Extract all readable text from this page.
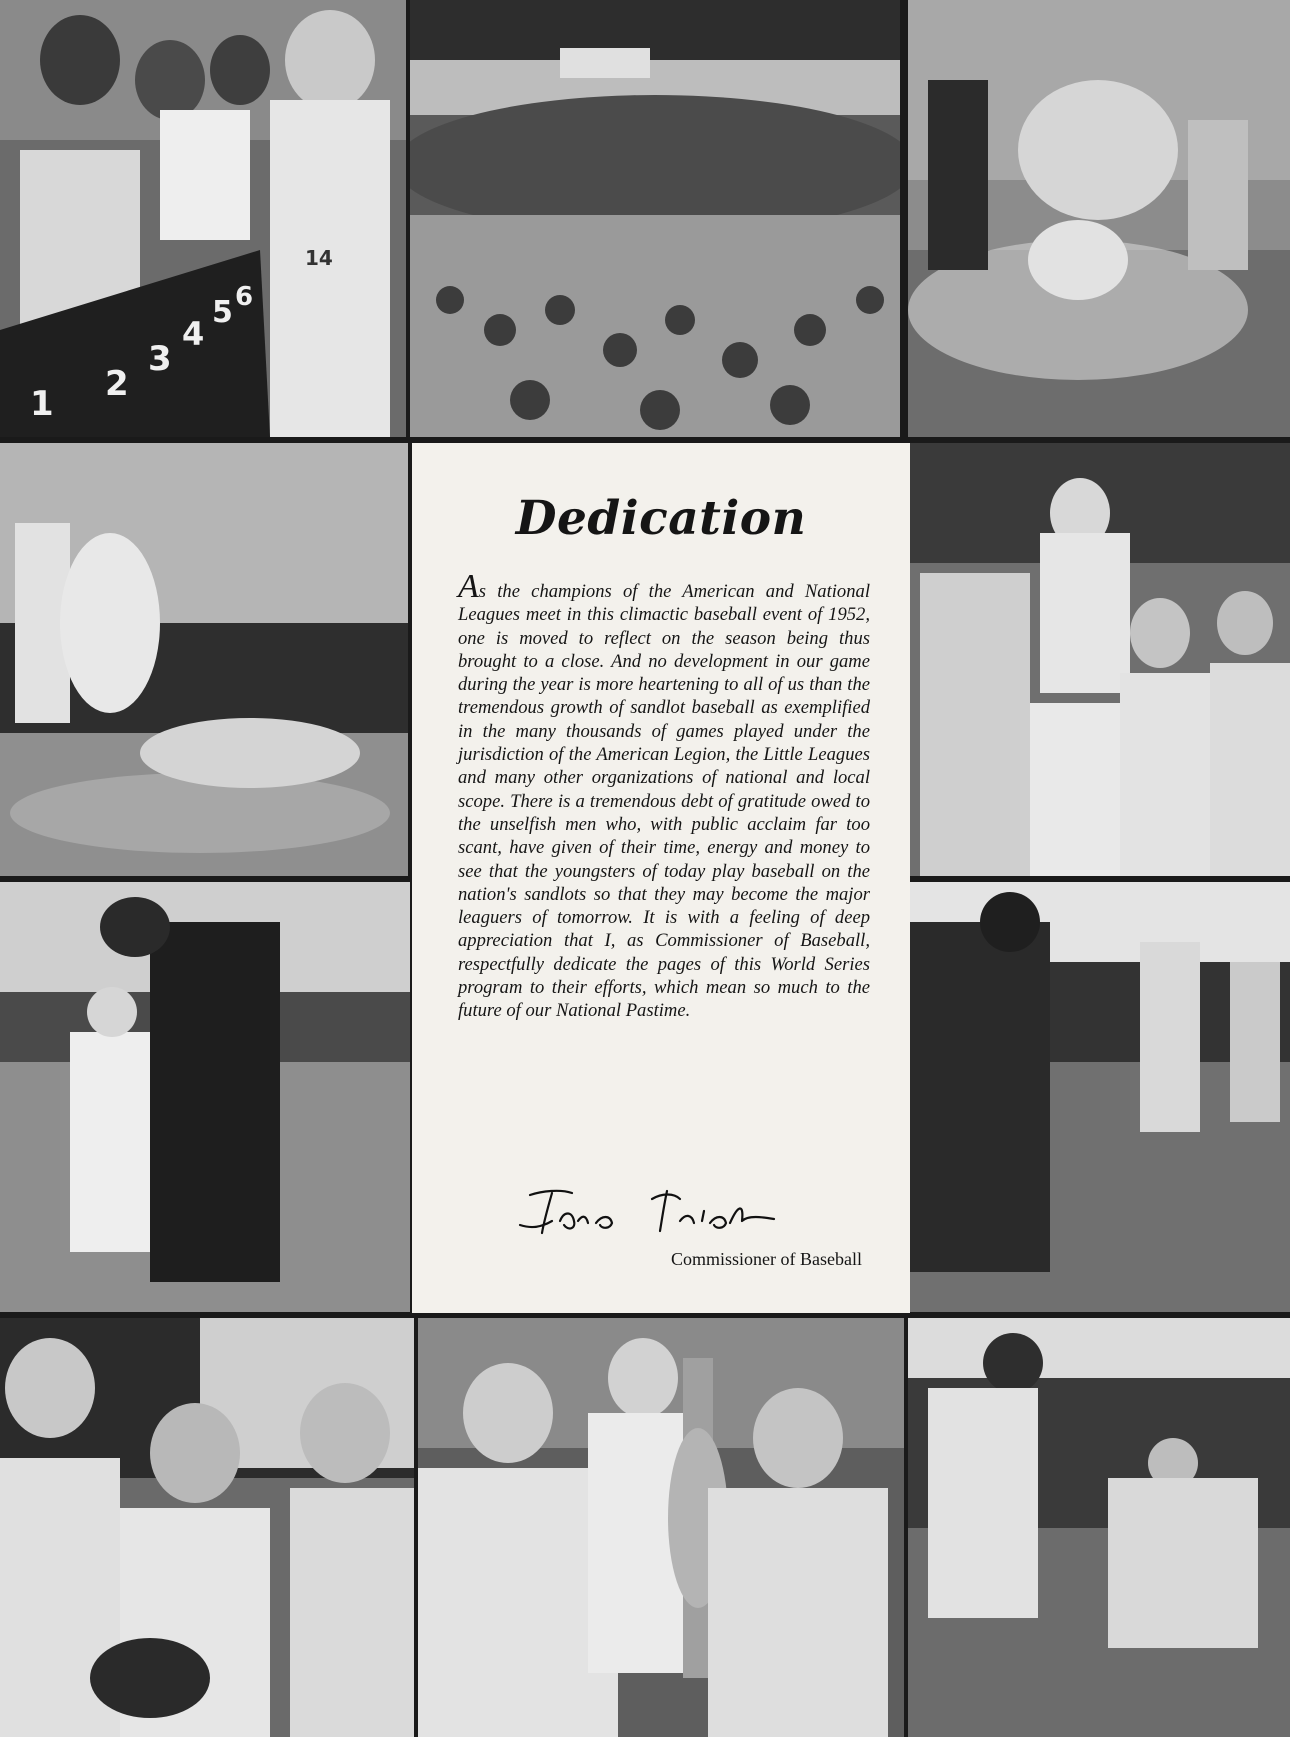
1 2
3
4
5 6
14
Dedication

As the champions of the American and National Leagues meet in this climactic baseball event of 1952, one is moved to reflect on the season being thus brought to a close. And no development in our game during the year is more heartening to all of us than the tremendous growth of sandlot baseball as exemplified in the many thousands of games played under the jurisdiction of the American Legion, the Little Leagues and many other organizations of national and local scope. There is a tremendous debt of gratitude owed to the unselfish men who, with public acclaim far too scant, have given of their time, energy and money to see that the youngsters of today play baseball on the nation's sandlots so that they may become the major leaguers of tomorrow. It is with a feeling of deep appreciation that I, as Commissioner of Baseball, respectfully dedicate the pages of this World Series program to their efforts, which mean so much to the future of our National Pastime.

Commissioner of Baseball
